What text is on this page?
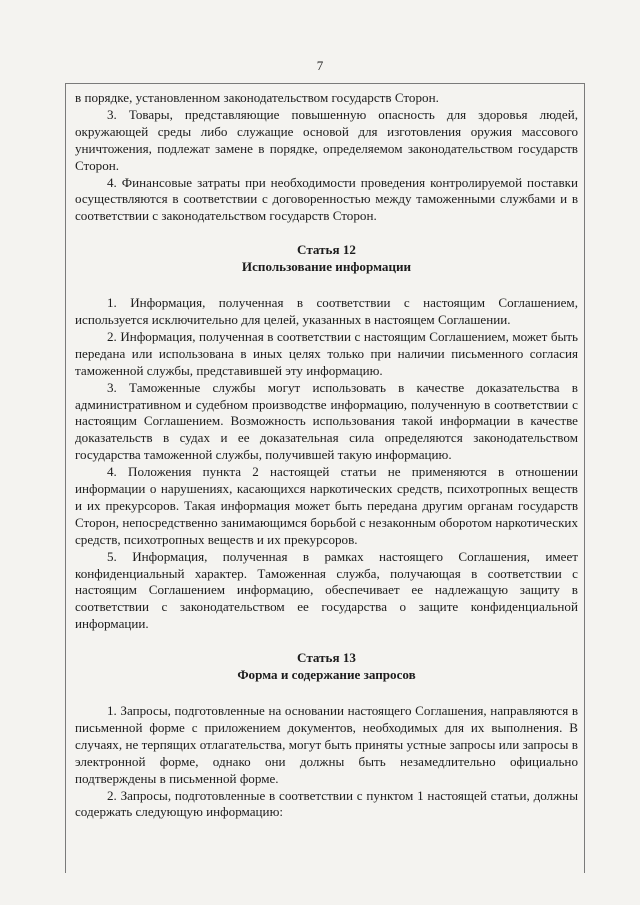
7

в порядке, установленном законодательством государств Сторон.

3. Товары, представляющие повышенную опасность для здоровья людей, окружающей среды либо служащие основой для изготовления оружия массового уничтожения, подлежат замене в порядке, определяемом законодательством государств Сторон.

4. Финансовые затраты при необходимости проведения контролируемой поставки осуществляются в соответствии с договоренностью между таможенными службами и в соответствии с законодательством государств Сторон.

Статья 12
Использование информации

1. Информация, полученная в соответствии с настоящим Соглашением, используется исключительно для целей, указанных в настоящем Соглашении.

2. Информация, полученная в соответствии с настоящим Соглашением, может быть передана или использована в иных целях только при наличии письменного согласия таможенной службы, представившей эту информацию.

3. Таможенные службы могут использовать в качестве доказательства в административном и судебном производстве информацию, полученную в соответствии с настоящим Соглашением. Возможность использования такой информации в качестве доказательств в судах и ее доказательная сила определяются законодательством государства таможенной службы, получившей такую информацию.

4. Положения пункта 2 настоящей статьи не применяются в отношении информации о нарушениях, касающихся наркотических средств, психотропных веществ и их прекурсоров. Такая информация может быть передана другим органам государств Сторон, непосредственно занимающимся борьбой с незаконным оборотом наркотических средств, психотропных веществ и их прекурсоров.

5. Информация, полученная в рамках настоящего Соглашения, имеет конфиденциальный характер. Таможенная служба, получающая в соответствии с настоящим Соглашением информацию, обеспечивает ее надлежащую защиту в соответствии с законодательством ее государства о защите конфиденциальной информации.

Статья 13
Форма и содержание запросов

1. Запросы, подготовленные на основании настоящего Соглашения, направляются в письменной форме с приложением документов, необходимых для их выполнения. В случаях, не терпящих отлагательства, могут быть приняты устные запросы или запросы в электронной форме, однако они должны быть незамедлительно официально подтверждены в письменной форме.

2. Запросы, подготовленные в соответствии с пунктом 1 настоящей статьи, должны содержать следующую информацию:
